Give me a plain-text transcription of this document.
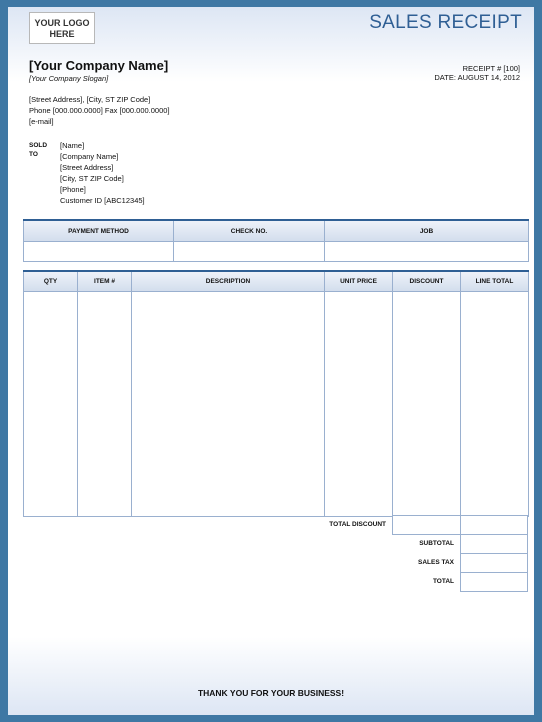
YOUR LOGO
HERE
SALES RECEIPT
[Your Company Name]
[Your Company Slogan]
RECEIPT # [100]
DATE: AUGUST 14, 2012
[Street Address], [City, ST ZIP Code]
Phone [000.000.0000] Fax [000.000.0000]
[e-mail]
SOLD
TO
[Name]
[Company Name]
[Street Address]
[City, ST ZIP Code]
[Phone]
Customer ID [ABC12345]
PAYMENT METHOD	CHECK NO.	JOB

QTY	ITEM #	DESCRIPTION	UNIT PRICE	DISCOUNT	LINE TOTAL

TOTAL DISCOUNT
SUBTOTAL
SALES TAX
TOTAL
THANK YOU FOR YOUR BUSINESS!
